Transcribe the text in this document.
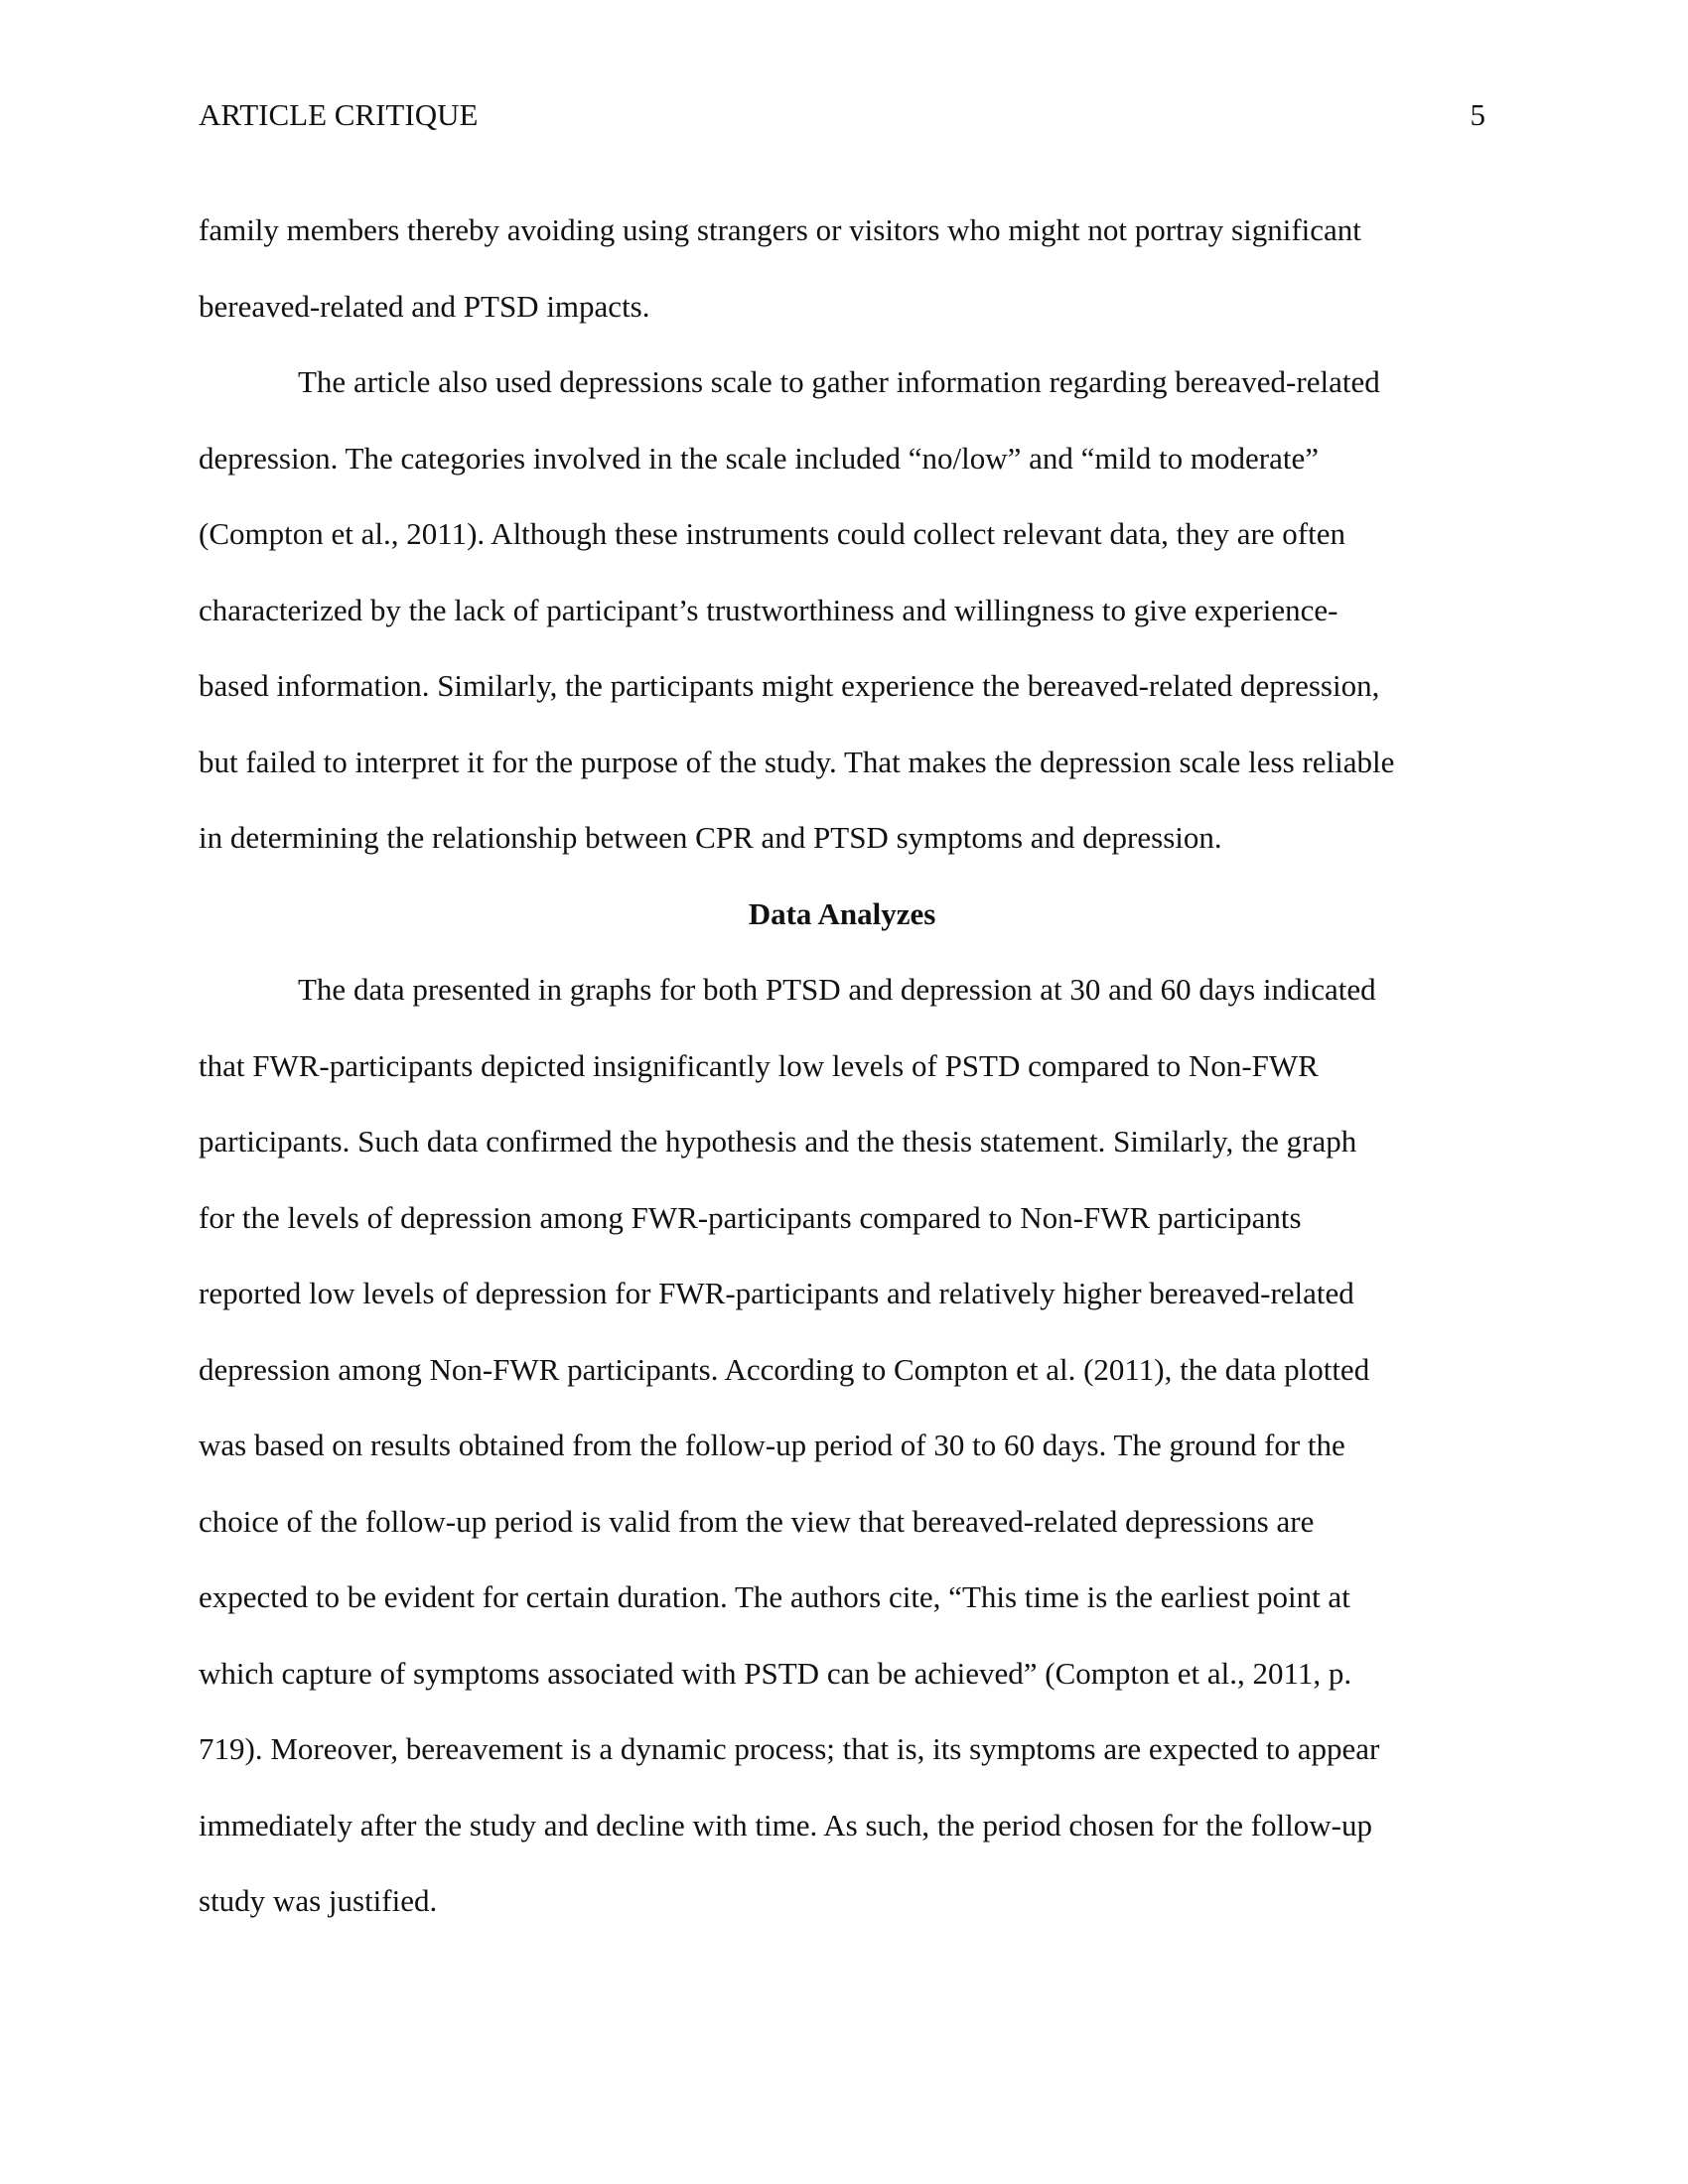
ARTICLE CRITIQUE	5
family members thereby avoiding using strangers or visitors who might not portray significant
bereaved-related and PTSD impacts.
The article also used depressions scale to gather information regarding bereaved-related
depression. The categories involved in the scale included “no/low” and “mild to moderate”
(Compton et al., 2011). Although these instruments could collect relevant data, they are often
characterized by the lack of participant’s trustworthiness and willingness to give experience-
based information. Similarly, the participants might experience the bereaved-related depression,
but failed to interpret it for the purpose of the study. That makes the depression scale less reliable
in determining the relationship between CPR and PTSD symptoms and depression.
Data Analyzes
The data presented in graphs for both PTSD and depression at 30 and 60 days indicated
that FWR-participants depicted insignificantly low levels of PSTD compared to Non-FWR
participants. Such data confirmed the hypothesis and the thesis statement. Similarly, the graph
for the levels of depression among FWR-participants compared to Non-FWR participants
reported low levels of depression for FWR-participants and relatively higher bereaved-related
depression among Non-FWR participants. According to Compton et al. (2011), the data plotted
was based on results obtained from the follow-up period of 30 to 60 days. The ground for the
choice of the follow-up period is valid from the view that bereaved-related depressions are
expected to be evident for certain duration. The authors cite, “This time is the earliest point at
which capture of symptoms associated with PSTD can be achieved” (Compton et al., 2011, p.
719). Moreover, bereavement is a dynamic process; that is, its symptoms are expected to appear
immediately after the study and decline with time. As such, the period chosen for the follow-up
study was justified.
